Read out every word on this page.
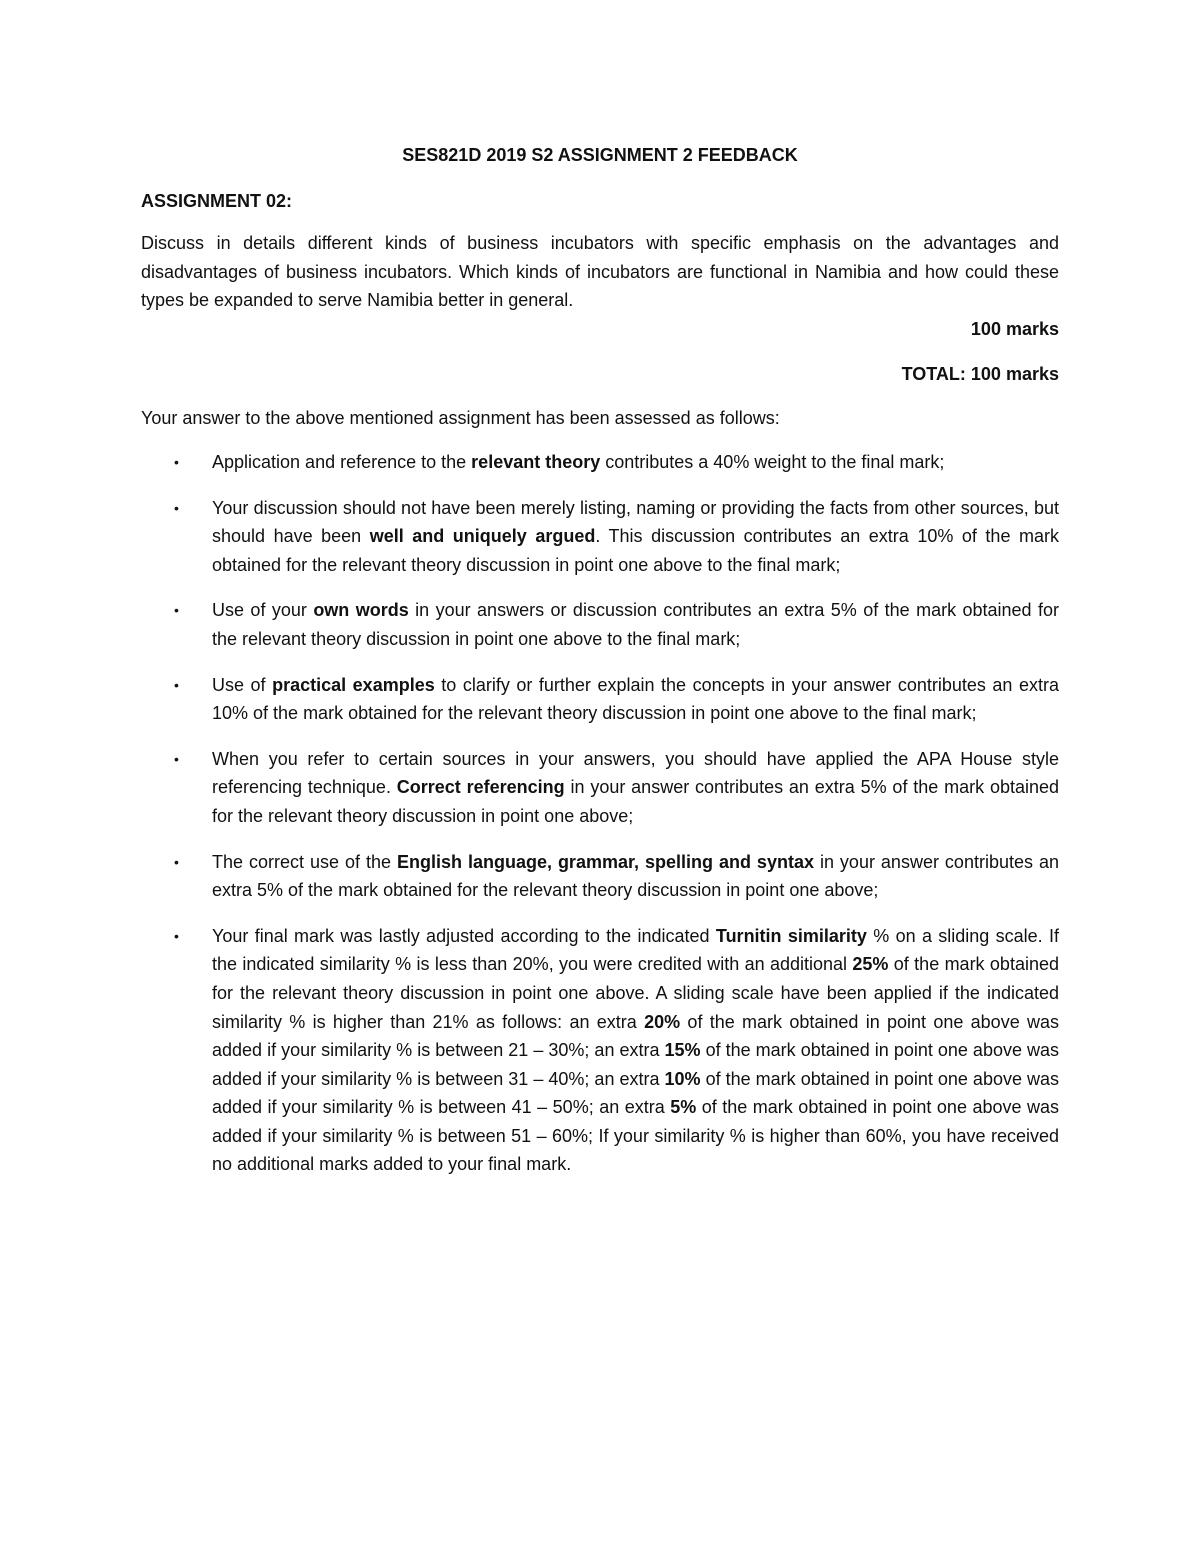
SES821D 2019 S2 ASSIGNMENT 2 FEEDBACK
ASSIGNMENT 02:

Discuss in details different kinds of business incubators with specific emphasis on the advantages and disadvantages of business incubators. Which kinds of incubators are functional in Namibia and how could these types be expanded to serve Namibia better in general.

100 marks
TOTAL: 100 marks
Your answer to the above mentioned assignment has been assessed as follows:
• Application and reference to the relevant theory contributes a 40% weight to the final mark;
• Your discussion should not have been merely listing, naming or providing the facts from other sources, but should have been well and uniquely argued. This discussion contributes an extra 10% of the mark obtained for the relevant theory discussion in point one above to the final mark;
• Use of your own words in your answers or discussion contributes an extra 5% of the mark obtained for the relevant theory discussion in point one above to the final mark;
• Use of practical examples to clarify or further explain the concepts in your answer contributes an extra 10% of the mark obtained for the relevant theory discussion in point one above to the final mark;
• When you refer to certain sources in your answers, you should have applied the APA House style referencing technique. Correct referencing in your answer contributes an extra 5% of the mark obtained for the relevant theory discussion in point one above;
• The correct use of the English language, grammar, spelling and syntax in your answer contributes an extra 5% of the mark obtained for the relevant theory discussion in point one above;
• Your final mark was lastly adjusted according to the indicated Turnitin similarity % on a sliding scale. If the indicated similarity % is less than 20%, you were credited with an additional 25% of the mark obtained for the relevant theory discussion in point one above. A sliding scale have been applied if the indicated similarity % is higher than 21% as follows: an extra 20% of the mark obtained in point one above was added if your similarity % is between 21 – 30%; an extra 15% of the mark obtained in point one above was added if your similarity % is between 31 – 40%; an extra 10% of the mark obtained in point one above was added if your similarity % is between 41 – 50%; an extra 5% of the mark obtained in point one above was added if your similarity % is between 51 – 60%; If your similarity % is higher than 60%, you have received no additional marks added to your final mark.
